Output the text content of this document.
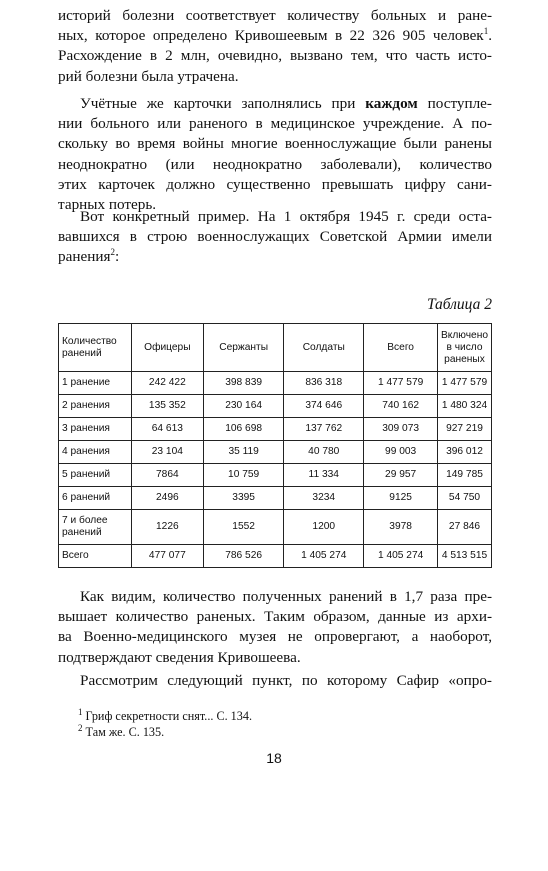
историй болезни соответствует количеству больных и ране-
ных, которое определено Кривошеевым в 22 326 905 человек$^1$.
Расхождение в 2 млн, очевидно, вызвано тем, что часть исто-
рий болезни была утрачена.
Учётные же карточки заполнялись при каждом поступле-
нии больного или раненого в медицинское учреждение. А по-
скольку во время войны многие военнослужащие были ранены
неоднократно (или неоднократно заболевали), количество
этих карточек должно существенно превышать цифру сани-
тарных потерь.
Вот конкретный пример. На 1 октября 1945 г. среди оста-
вавшихся в строю военнослужащих Советской Армии имели
ранения$^2$:
Таблица 2
Количество ранений	Офицеры	Сержанты	Солдаты	Всего	Включено в число раненых
1 ранение	242 422	398 839	836 318	1 477 579	1 477 579
2 ранения	135 352	230 164	374 646	740 162	1 480 324
3 ранения	64 613	106 698	137 762	309 073	927 219
4 ранения	23 104	35 119	40 780	99 003	396 012
5 ранений	7864	10 759	11 334	29 957	149 785
6 ранений	2496	3395	3234	9125	54 750
7 и более ранений	1226	1552	1200	3978	27 846
Всего	477 077	786 526	1 405 274	1 405 274	4 513 515
Как видим, количество полученных ранений в 1,7 раза пре-
вышает количество раненых. Таким образом, данные из архи-
ва Военно-медицинского музея не опровергают, а наоборот,
подтверждают сведения Кривошеева.
Рассмотрим следующий пункт, по которому Сафир «опро-
$^1$ Гриф секретности снят... С. 134.
$^2$ Там же. С. 135.
18
